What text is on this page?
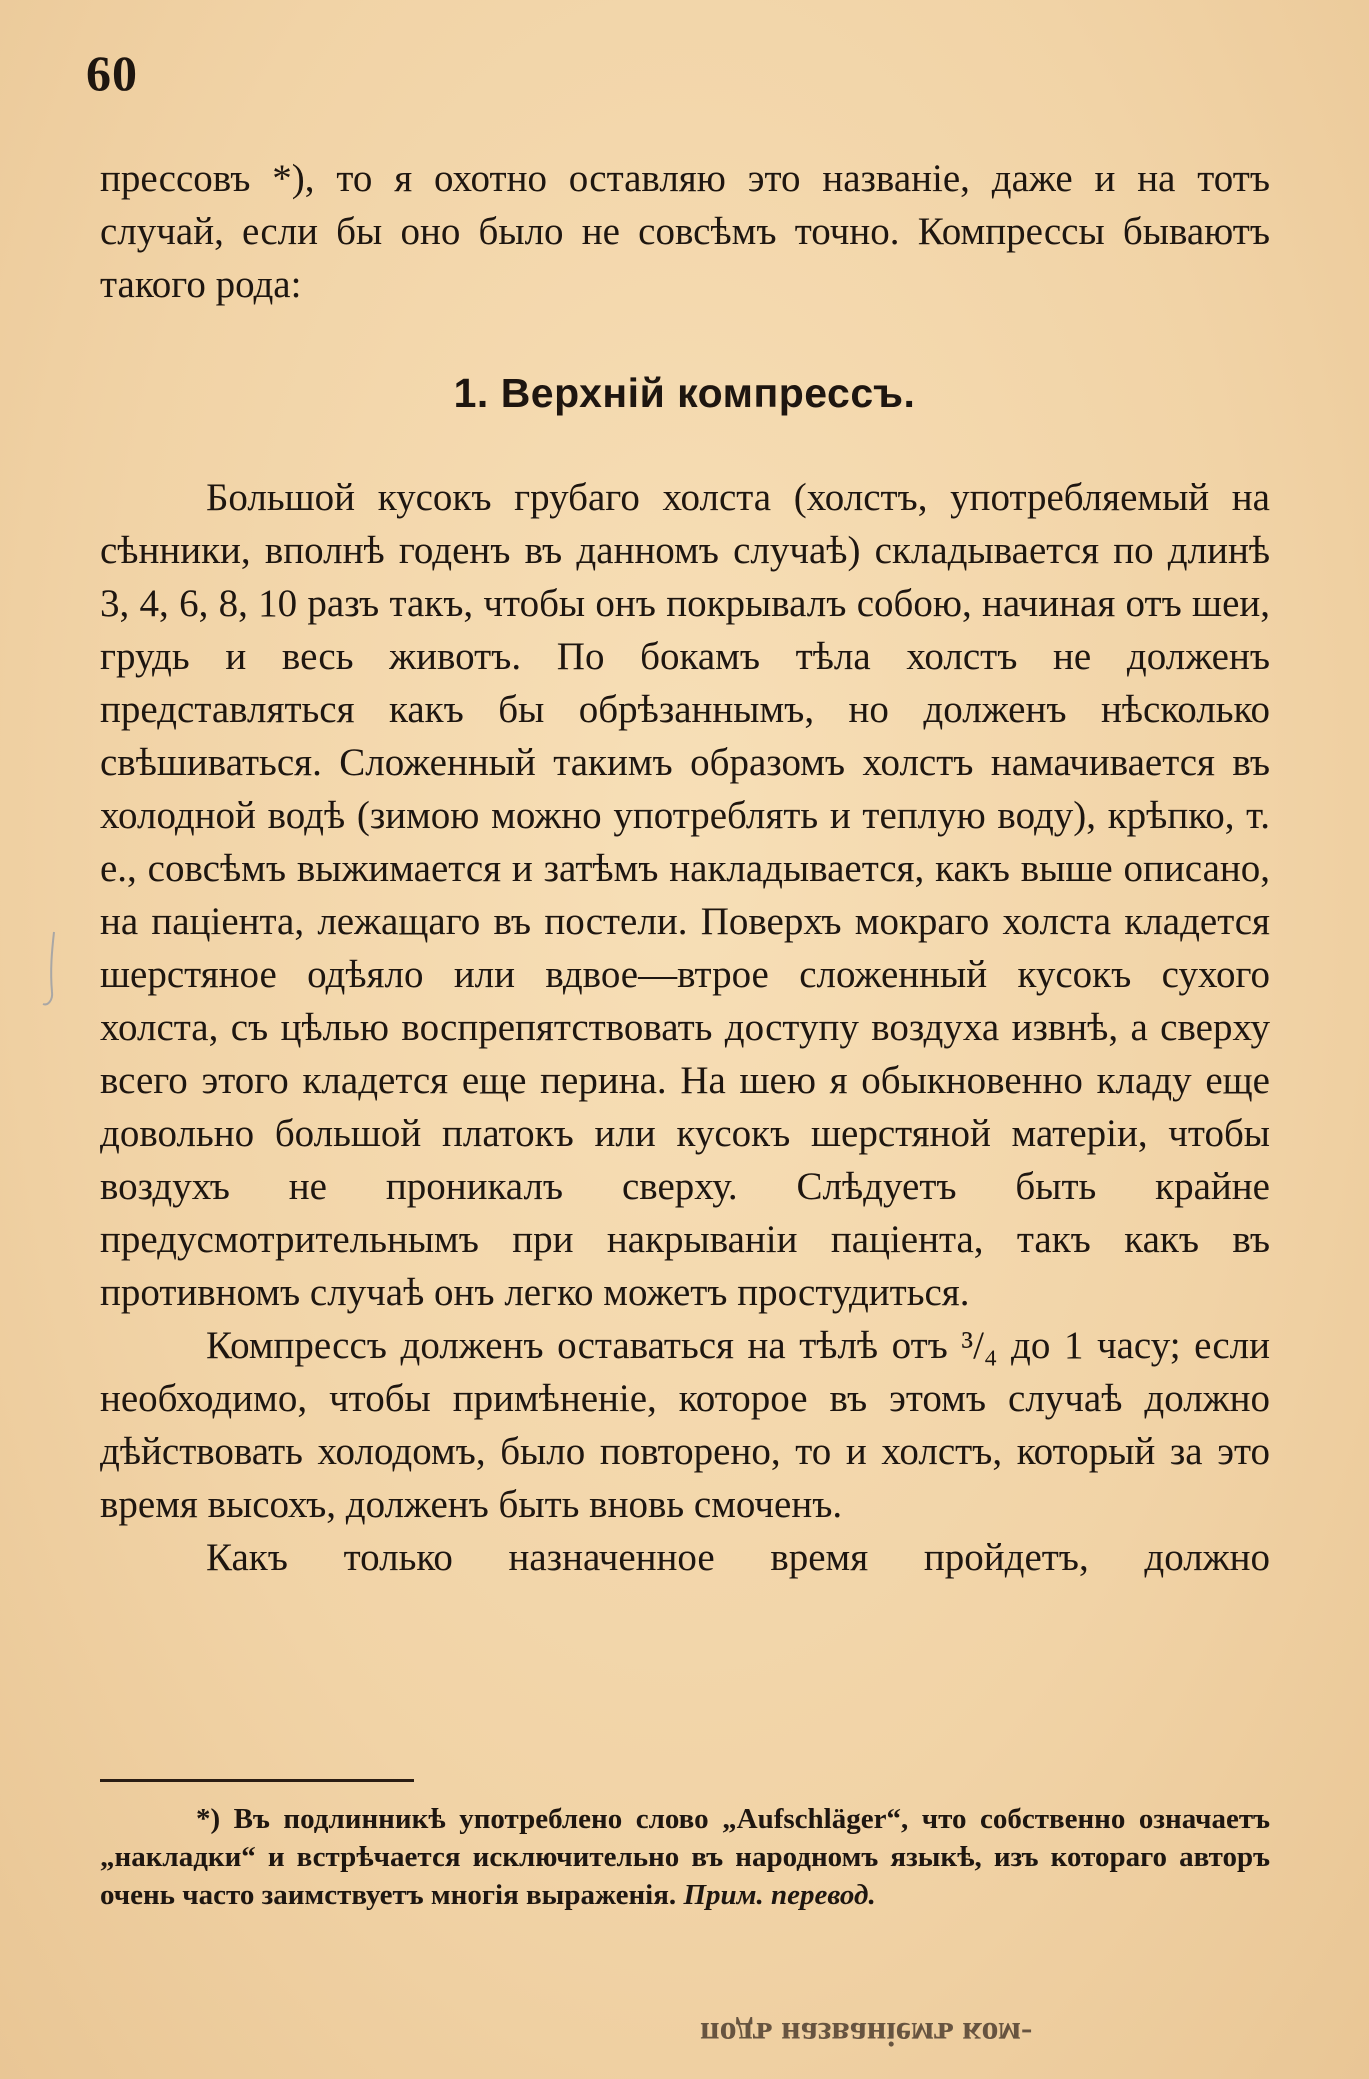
60

прессовъ *), то я охотно оставляю это названіе, даже и на тотъ случай, если бы оно было не совсѣмъ точно. Компрессы бываютъ такого рода:

1. Верхній компрессъ.

Большой кусокъ грубаго холста (холстъ, употребляемый на сѣнники, вполнѣ годенъ въ данномъ случаѣ) складывается по длинѣ 3, 4, 6, 8, 10 разъ такъ, чтобы онъ покрывалъ собою, начиная отъ шеи, грудь и весь животъ. По бокамъ тѣла холстъ не долженъ представляться какъ бы обрѣзаннымъ, но долженъ нѣсколько свѣшиваться. Сложенный такимъ образомъ холстъ намачивается въ холодной водѣ (зимою можно употреблять и теплую воду), крѣпко, т. е., совсѣмъ выжимается и затѣмъ накладывается, какъ выше описано, на паціента, лежащаго въ постели. Поверхъ мокраго холста кладется шерстяное одѣяло или вдвое—втрое сложенный кусокъ сухого холста, съ цѣлью воспрепятствовать доступу воздуха извнѣ, а сверху всего этого кладется еще перина. На шею я обыкновенно кладу еще довольно большой платокъ или кусокъ шерстяной матеріи, чтобы воздухъ не проникалъ сверху. Слѣдуетъ быть крайне предусмотрительнымъ при накрываніи паціента, такъ какъ въ противномъ случаѣ онъ легко можетъ простудиться.

Компрессъ долженъ оставаться на тѣлѣ отъ ³/₄ до 1 часу; если необходимо, чтобы примѣненіе, которое въ этомъ случаѣ должно дѣйствовать холодомъ, было повторено, то и холстъ, который за это время высохъ, долженъ быть вновь смоченъ.

Какъ только назначенное время пройдетъ, должно

*) Въ подлинникѣ употреблено слово „Aufschläger“, что собственно означаетъ „накладки“ и встрѣчается исключительно въ народномъ языкѣ, изъ котораго авторъ очень часто заимствуетъ многія выраженія. Прим. перевод.
подъ названіемъ ком-
